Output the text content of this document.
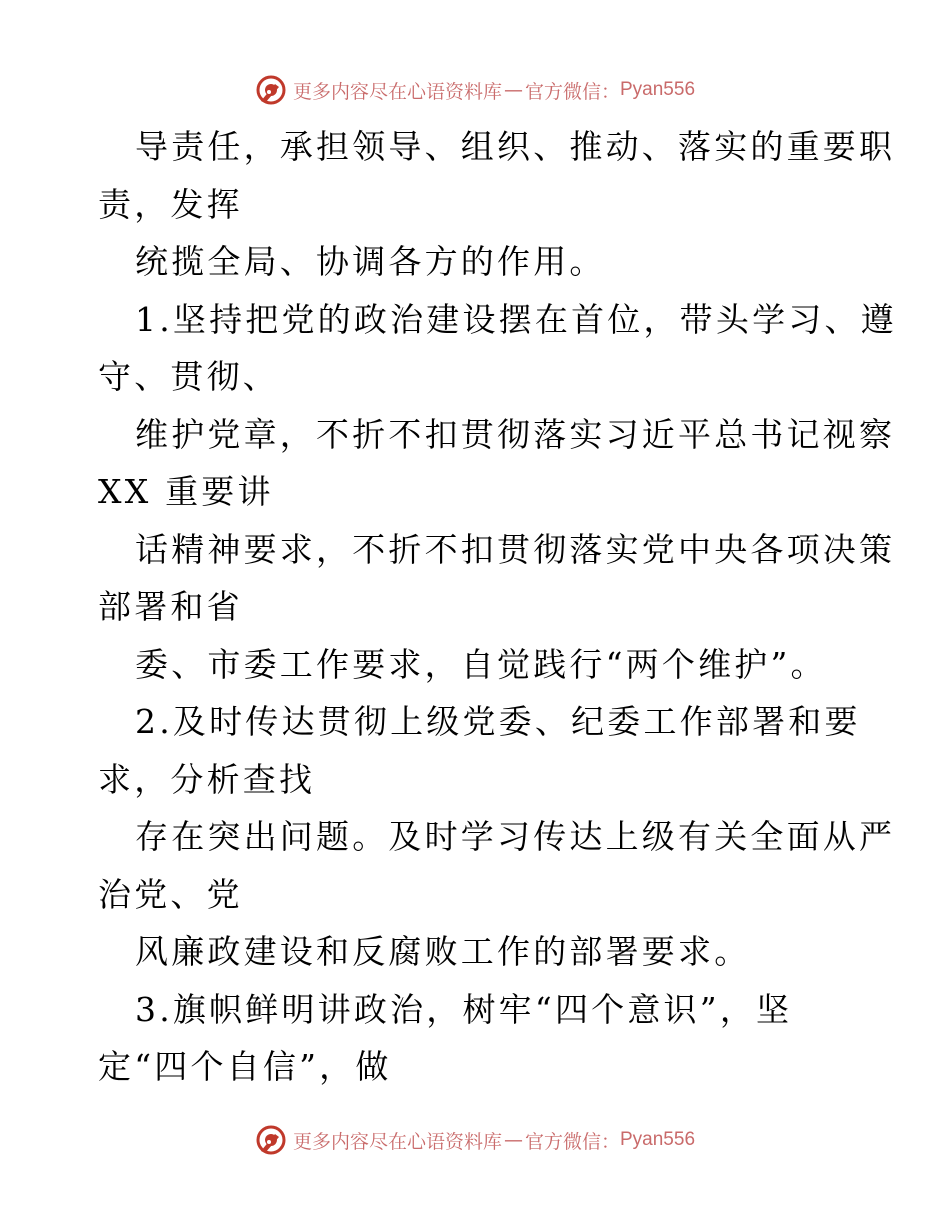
更多内容尽在心语资料库 — 官方微信： Pyan556
导责任，承担领导、组织、推动、落实的重要职
责，发挥
统揽全局、协调各方的作用。
1.坚持把党的政治建设摆在首位，带头学习、遵
守、贯彻、
维护党章，不折不扣贯彻落实习近平总书记视察
XX 重要讲
话精神要求，不折不扣贯彻落实党中央各项决策
部署和省
委、市委工作要求，自觉践行“两个维护”。
2.及时传达贯彻上级党委、纪委工作部署和要
求，分析查找
存在突出问题。及时学习传达上级有关全面从严
治党、党
风廉政建设和反腐败工作的部署要求。
3.旗帜鲜明讲政治，树牢“四个意识”，坚
定“四个自信”，做
更多内容尽在心语资料库 — 官方微信： Pyan556
